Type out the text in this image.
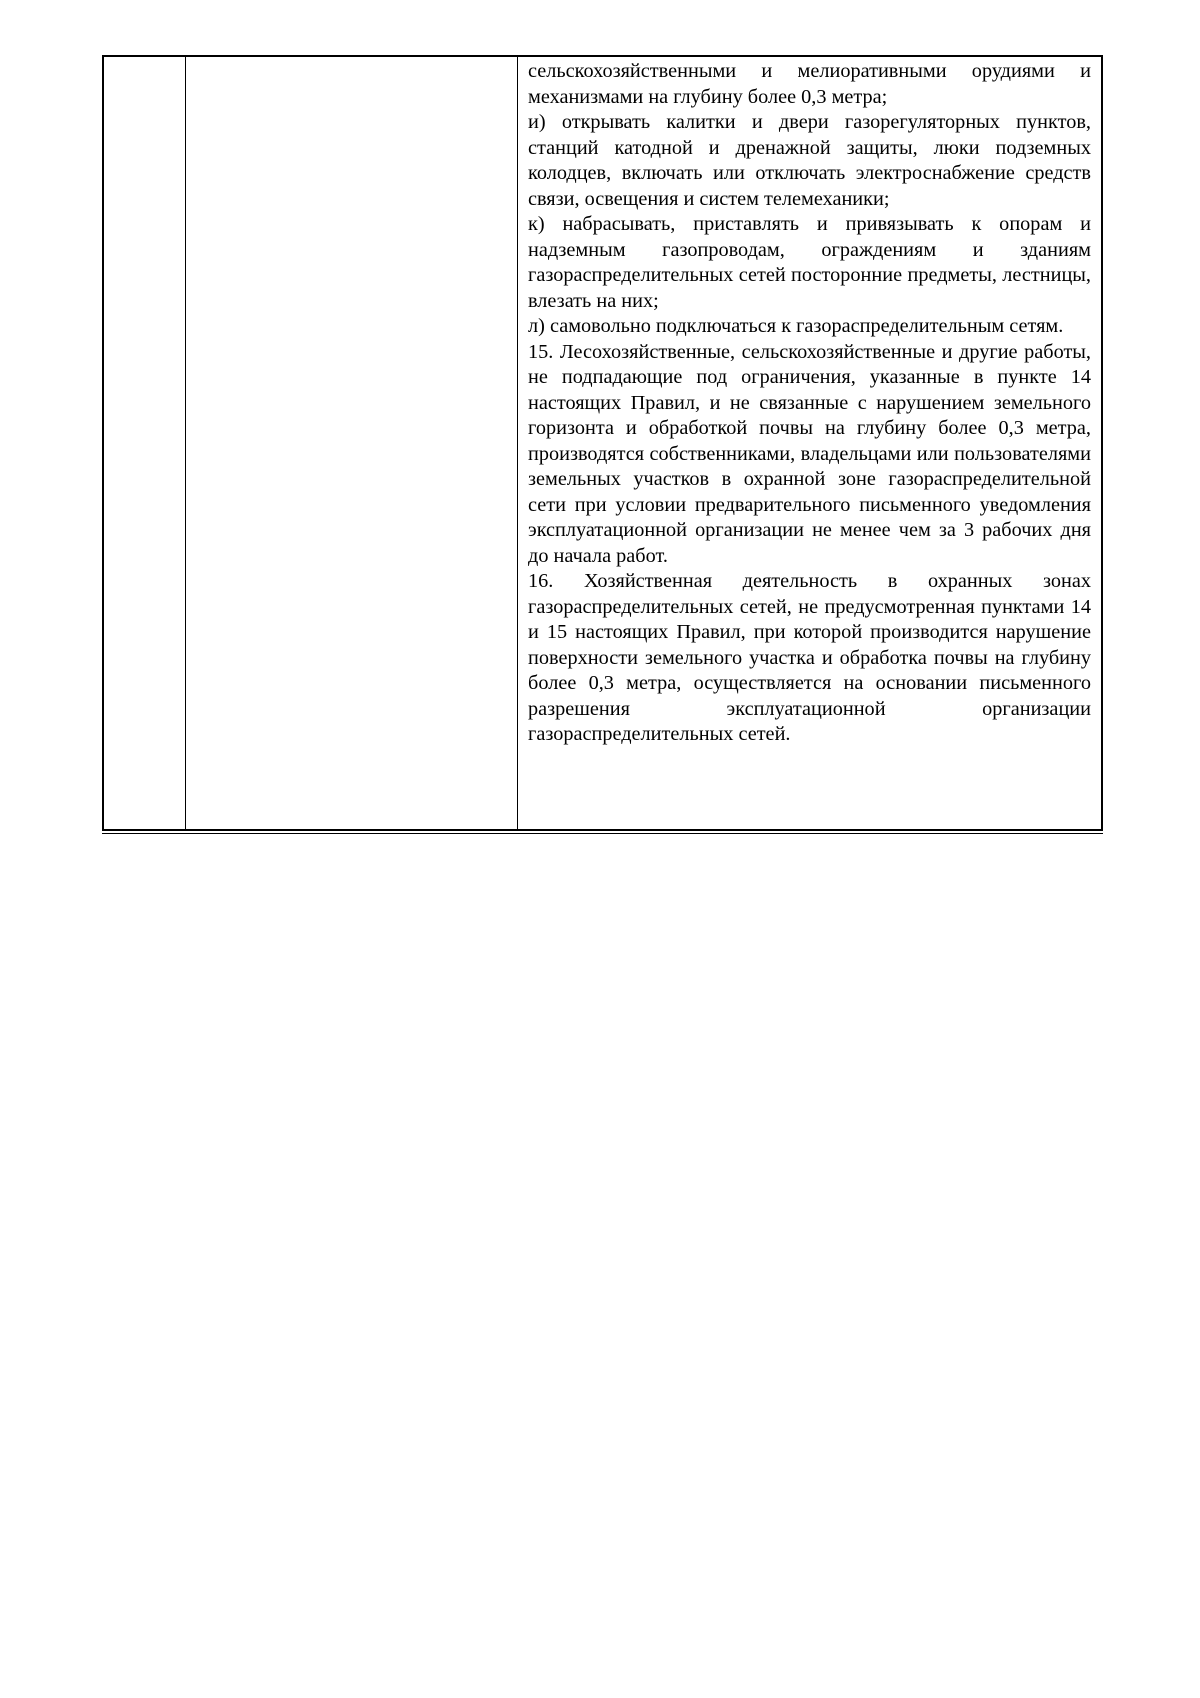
сельскохозяйственными и мелиоративными орудиями и механизмами на глубину более 0,3 метра;

и) открывать калитки и двери газорегуляторных пунктов, станций катодной и дренажной защиты, люки подземных колодцев, включать или отключать электроснабжение средств связи, освещения и систем телемеханики;

к) набрасывать, приставлять и привязывать к опорам и надземным газопроводам, ограждениям и зданиям газораспределительных сетей посторонние предметы, лестницы, влезать на них;

л) самовольно подключаться к газораспределительным сетям.

15. Лесохозяйственные, сельскохозяйственные и другие работы, не подпадающие под ограничения, указанные в пункте 14 настоящих Правил, и не связанные с нарушением земельного горизонта и обработкой почвы на глубину более 0,3 метра, производятся собственниками, владельцами или пользователями земельных участков в охранной зоне газораспределительной сети при условии предварительного письменного уведомления эксплуатационной организации не менее чем за 3 рабочих дня до начала работ.

16. Хозяйственная деятельность в охранных зонах газораспределительных сетей, не предусмотренная пунктами 14 и 15 настоящих Правил, при которой производится нарушение поверхности земельного участка и обработка почвы на глубину более 0,3 метра, осуществляется на основании письменного разрешения эксплуатационной организации газораспределительных сетей.
